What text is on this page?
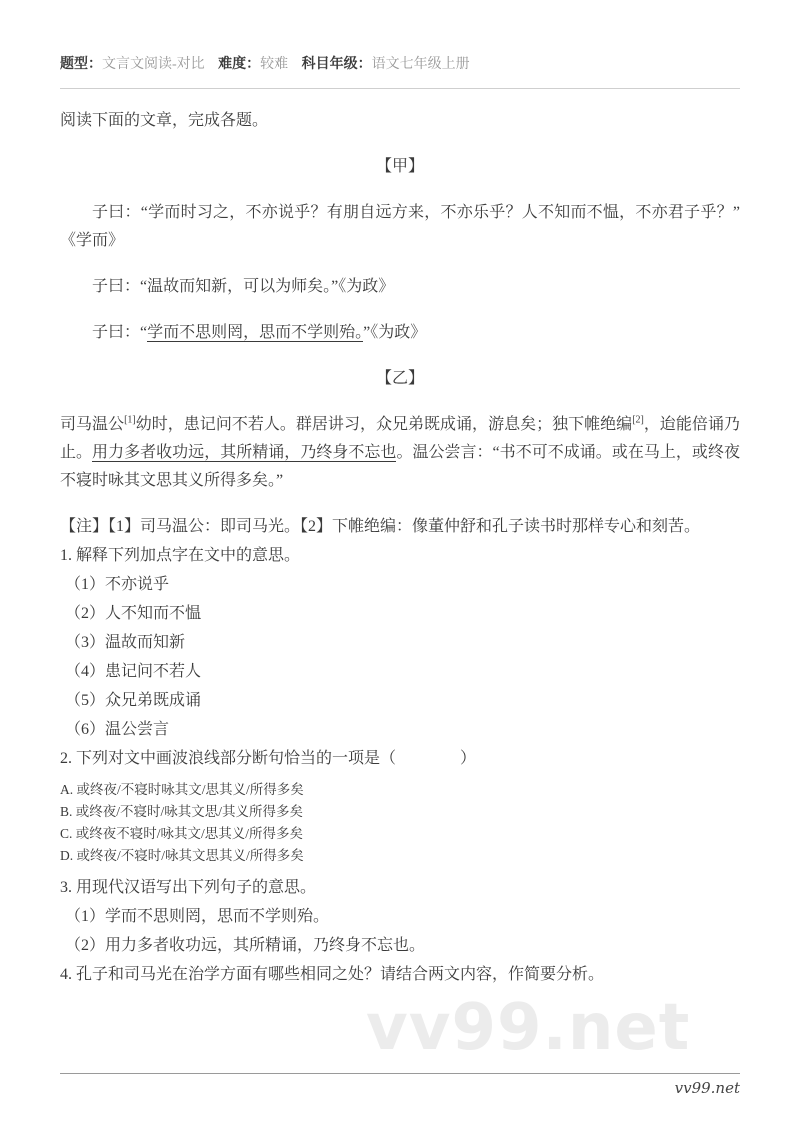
题型：文言文阅读-对比 难度：较难 科目年级：语文七年级上册

阅读下面的文章，完成各题。

【甲】

子曰：“学而时习之，不亦说乎？有朋自远方来，不亦乐乎？人不知而不愠，不亦君子乎？”《学而》

子曰：“温故而知新，可以为师矣。”《为政》

子曰：“学而不思则罔，思而不学则殆。”《为政》

【乙】

司马温公[1]幼时，患记问不若人。群居讲习，众兄弟既成诵，游息矣；独下帷绝编[2]，迨能倍诵乃止。用力多者收功远，其所精诵，乃终身不忘也。温公尝言：“书不可不成诵。或在马上，或终夜不寝时咏其文思其义所得多矣。”

【注】【1】司马温公：即司马光。【2】下帷绝编：像董仲舒和孔子读书时那样专心和刻苦。

1. 解释下列加点字在文中的意思。

（1）不亦说乎

（2）人不知而不愠

（3）温故而知新

（4）患记问不若人

（5）众兄弟既成诵

（6）温公尝言

2. 下列对文中画波浪线部分断句恰当的一项是（　　　　）

A. 或终夜/不寝时咏其文/思其义/所得多矣

B. 或终夜/不寝时/咏其文思/其义所得多矣

C. 或终夜不寝时/咏其文/思其义/所得多矣

D. 或终夜/不寝时/咏其文思其义/所得多矣

3. 用现代汉语写出下列句子的意思。

（1）学而不思则罔，思而不学则殆。

（2）用力多者收功远，其所精诵，乃终身不忘也。

4. 孔子和司马光在治学方面有哪些相同之处？请结合两文内容，作简要分析。

vv99.net
vv99.net
